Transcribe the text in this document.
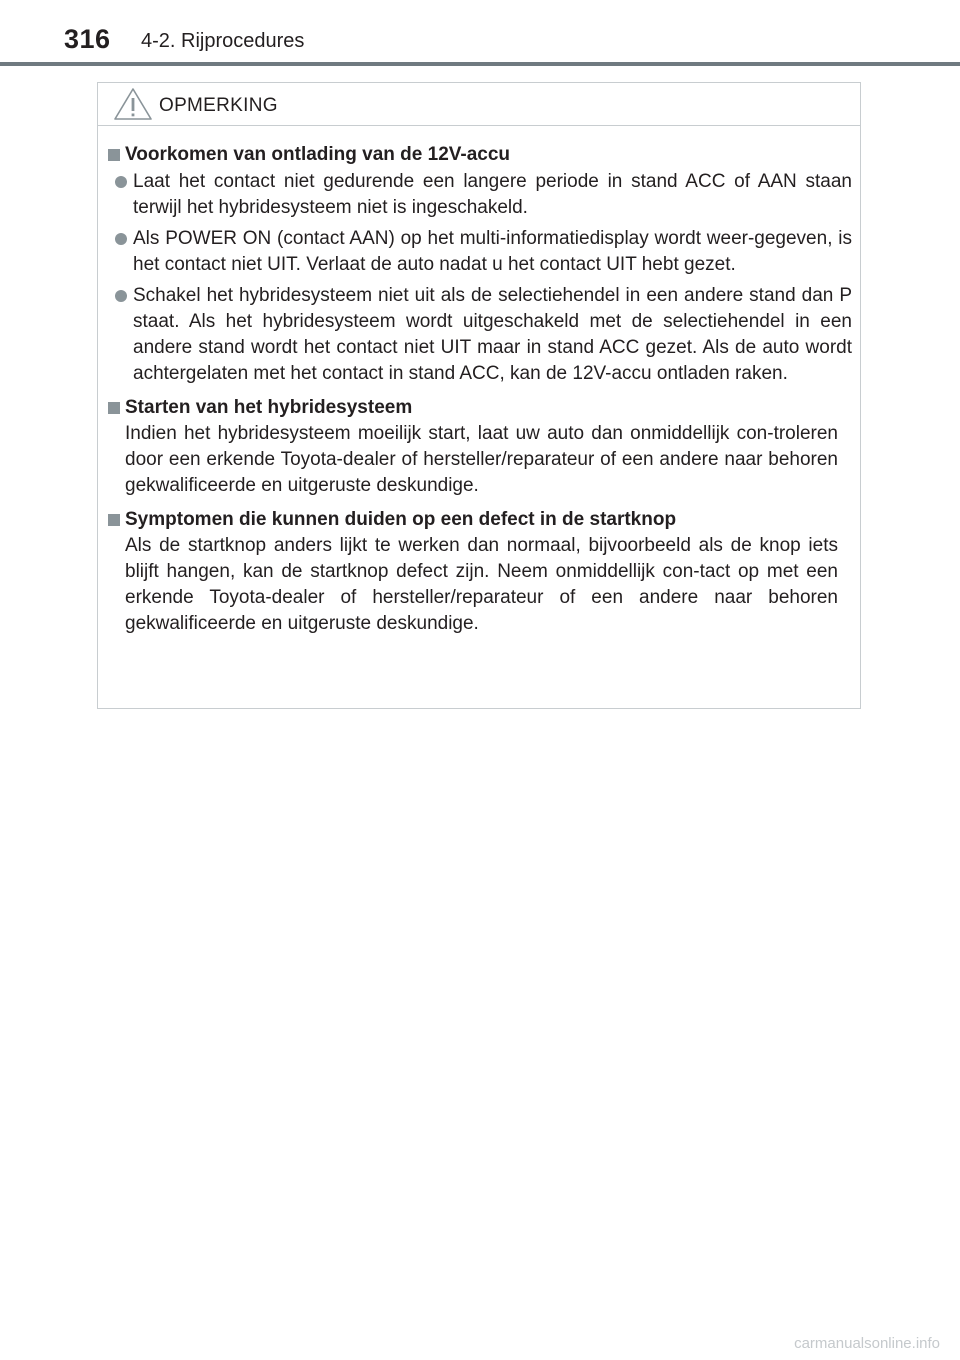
316 4-2. Rijprocedures
OPMERKING
Voorkomen van ontlading van de 12V-accu
Laat het contact niet gedurende een langere periode in stand ACC of AAN staan terwijl het hybridesysteem niet is ingeschakeld.
Als POWER ON (contact AAN) op het multi-informatiedisplay wordt weer-gegeven, is het contact niet UIT. Verlaat de auto nadat u het contact UIT hebt gezet.
Schakel het hybridesysteem niet uit als de selectiehendel in een andere stand dan P staat. Als het hybridesysteem wordt uitgeschakeld met de selectiehendel in een andere stand wordt het contact niet UIT maar in stand ACC gezet. Als de auto wordt achtergelaten met het contact in stand ACC, kan de 12V-accu ontladen raken.
Starten van het hybridesysteem
Indien het hybridesysteem moeilijk start, laat uw auto dan onmiddellijk con-troleren door een erkende Toyota-dealer of hersteller/reparateur of een andere naar behoren gekwalificeerde en uitgeruste deskundige.
Symptomen die kunnen duiden op een defect in de startknop
Als de startknop anders lijkt te werken dan normaal, bijvoorbeeld als de knop iets blijft hangen, kan de startknop defect zijn. Neem onmiddellijk con-tact op met een erkende Toyota-dealer of hersteller/reparateur of een andere naar behoren gekwalificeerde en uitgeruste deskundige.
carmanualsonline.info
